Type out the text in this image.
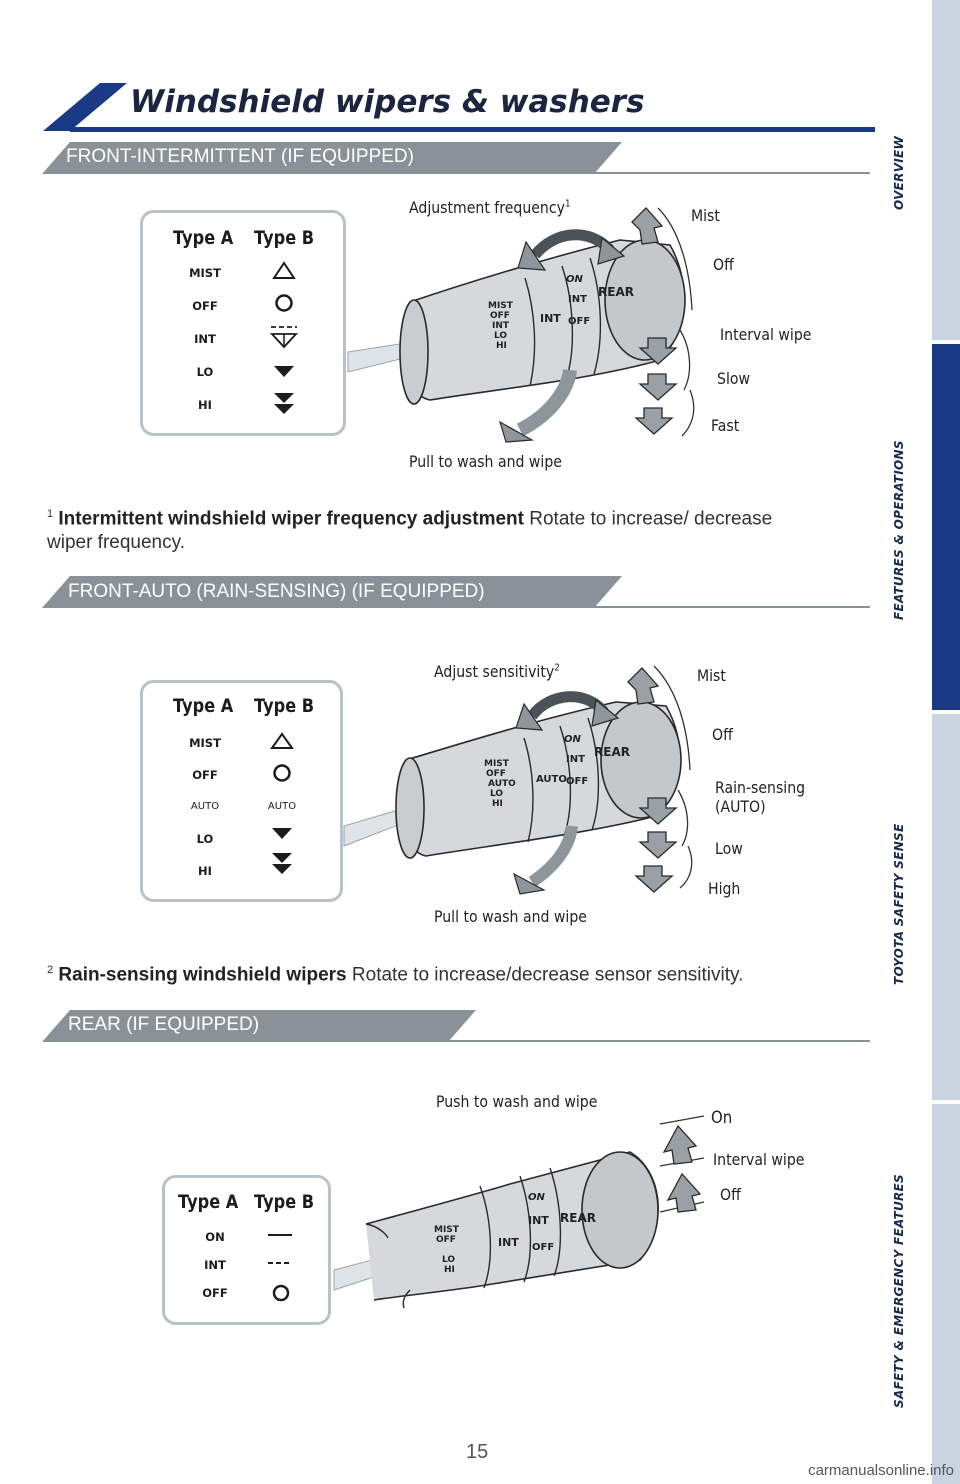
OVERVIEW
FEATURES & OPERATIONS
TOYOTA SAFETY SENSE
SAFETY & EMERGENCY FEATURES
Windshield wipers & washers
FRONT-INTERMITTENT (IF EQUIPPED)
Type A Type B
MIST
OFF
INT
LO
HI
MIST
OFF
INT
LO
HI
INT
ON
INT
OFF
REAR
Adjustment frequency$^1$
Mist
Off
Interval wipe
Slow
Fast
Pull to wash and wipe
$^1$ Intermittent windshield wiper frequency adjustment Rotate to increase/ decrease wiper frequency.
FRONT-AUTO (RAIN-SENSING) (IF EQUIPPED)
Type A Type B
MIST
OFF
AUTO	AUTO
LO
HI
MIST
OFF
AUTO
LO
HI
AUTO
ON
INT
OFF
REAR
Adjust sensitivity$^2$	Mist
Off
Rain-sensing
(AUTO)
Low
High
Pull to wash and wipe
$^2$ Rain-sensing windshield wipers Rotate to increase/decrease sensor sensitivity.
REAR (IF EQUIPPED)
Type A Type B
ON
INT
OFF
MIST
OFF
LO
HI
INT
ON
INT
OFF
REAR
Push to wash and wipe
On
Interval wipe
Off
15
carmanualsonline.info
